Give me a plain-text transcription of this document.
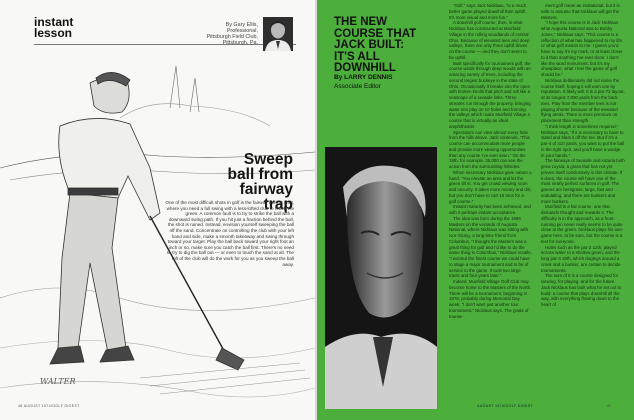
instant
lesson
By Gary Ellis,
Professional,
Pittsburgh Field Club,
Pittsburgh, Pa.
Sweep
ball from
fairway
trap
One of the most difficult shots in golf is the fairway bunker shot, where you need a full swing with a less-lofted club to reach the green. A common fault is to try to strike the ball with a downward swing path. If you hit just a fraction behind the ball, the shot is ruined. Instead, envision yourself sweeping the ball off the sand. Concentrate on controlling the club with your left hand and side, make a smooth takeaway and swing through toward your target. Play the ball back toward your right foot an inch or so, make sure you catch the ball first. There's no need to try to dig the ball out — or even to touch the sand at all. The loft of the club will do the work for you as you sweep the ball away.
WALTER
46 AUGUST 1974/GOLF DIGEST
THE NEW
COURSE THAT
JACK BUILT:
IT'S ALL
DOWNHILL
By LARRY DENNIS
Associate Editor

“Golf,” says Jack Nicklaus, “is a much better game played downhill than uphill. It's more visual and more fun.”

A downhill golf course, then, is what Nicklaus has constructed at Muirfield Village in the rolling woodlands of central Ohio. Because of elevated tees and deep valleys, there are only three uphill drives on the course — and they don't seem to be uphill.

Built specifically for tournament golf, the course winds through deep woods with an amazing variety of trees, including the second largest buckeye in the state of Ohio. Occasionally it breaks into the open with broken knolls that pitch and roll like a seascape of a seaside links. Three streams run through the property, bringing water into play on 10 holes and forming the valleys which make Muirfield Village a course that is virtually an ideal amphitheater.

Spectators can view almost every hole from the hills above. Jack contends, “This course can accommodate more people and provide more viewing opportunities than any course I've ever seen.” On the 18th, for example, 35,000 can see the action from the surrounding hillsides.

When necessary Nicklaus gave nature a hand. “You elevate an area and let the green tilt in. You get crowd viewing room and security. It takes more money and dirt, but you don't have to cart 15 tons for a golf course.”

Instant maturity has been achieved, and with it perhaps instant acceptance.

The idea was born during the 1966 Masters on the veranda of Augusta National, where Nicklaus was sitting with Ivor Young, a long-time friend from Columbus. “I thought the Masters was a great thing for golf and I'd like to do the same thing in Columbus,” Nicklaus recalls. “I wanted the finest course we could have to stage a major tournament and to be of service to the game. It took two large tracts and four years later.”

Indeed, Muirfield Village Golf Club may become home to the Masters of the North. There will be a tournament, beginning in 1976, probably during Memorial Day week. “I don't want just another tour tournament,” Nicklaus says. The goals of tourna-

ment golf mean an invitational, but it is safe to assume that Nicklaus will get the Masters.

“I hope this course is in Jack Nicklaus what Augusta National was to Bobby Jones,” Nicklaus says. “This course is a reflection of what has happened to my life, or what golf means to me. I guess you'd have to say it's my mark, or at least closer to it than anything I've ever done. I don't like the word monument, but it's my showplace, what I feel the game of golf should be.”

Nicklaus deliberately did not name the course itself, hoping it will earn one by reputation. It likely will. It is a par-72 layout, at its longest 7,000 yards from the back tees. Play from the member tees is not playing shorter because of the elevated flying areas. There is more premium on placement than strength.

“I think length is sometimes required,” Nicklaus says, “if it is necessary to have to stand and blast it off the tee. But if it's a par-4 of 410 yards, you want to put the ball in the right spot, and you'll have a wedge in your hands.”

The fairways of Seaside and Asturia both grow zoysia, a grass that has not yet proven itself conclusively in this climate. If it does, the course will have one of the most nearly perfect surfaces in golf. The greens are bentgrass, large, fast and undulating, and there are bunkers and more bunkers.

Muirfield is a fair course, one that demands thought and rewards it. The difficulty is in the approach, as a front-running pin never really seems to be quite close to the green. Nicklaus plays his own game here, to be sure, but the course is a test for everyone.

Holes such as the par-3 12th, played across water to a shallow green, and the long par-4 18th, which doglegs around a creek and a bunker, are certain to decide tournaments.

The sum of it is a course designed for viewing, for playing, and for the future. Jack Nicklaus has built what he set out to build: a course that plays downhill all the way, with everything flowing down to the heart of

AUGUST 1974/GOLF DIGEST	47
